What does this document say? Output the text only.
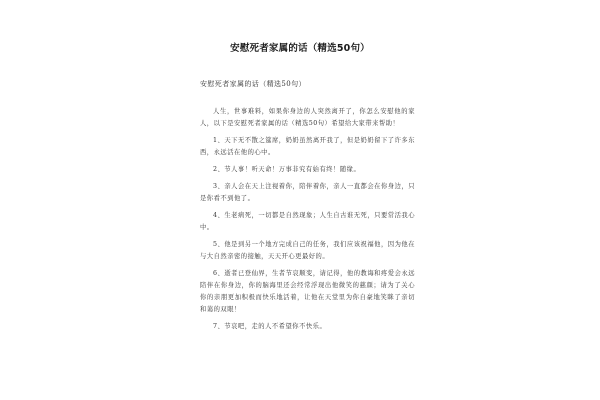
安慰死者家属的话（精选50句）
安慰死者家属的话（精选50句）

人生，世事难料，如果你身边的人突然离开了，你怎么安慰他的家人，以下是安慰死者家属的话（精选50句）希望给大家带来帮助！

1、天下无不散之筵席，奶奶虽然离开我了，但是奶奶留下了许多东西，永远活在他的心中。

2、节人事！听天命！万事非究有始有终！随缘。

3、亲人会在天上注视着你，陪伴着你，亲人一直都会在你身边，只是你看不到他了。

4、生老病死，一切都是自然现象；人生自古谁无死，只要常活我心中。

5、他是到另一个地方完成自己的任务，我们应该祝福他，因为他在与大自然亲密的接触，天天开心更最好的。

6、逝者已登仙界，生者节哀顺变，请记得，他的教诲和疼爱会永远陪伴在你身边，你的脑海里还会经常浮现出他微笑的慈颜；请为了关心你的亲朋更加积极而快乐地活着，让他在天堂里为你自豪地笑眯了亲切和蔼的双眼！

7、节哀吧，走的人不希望你不快乐。
